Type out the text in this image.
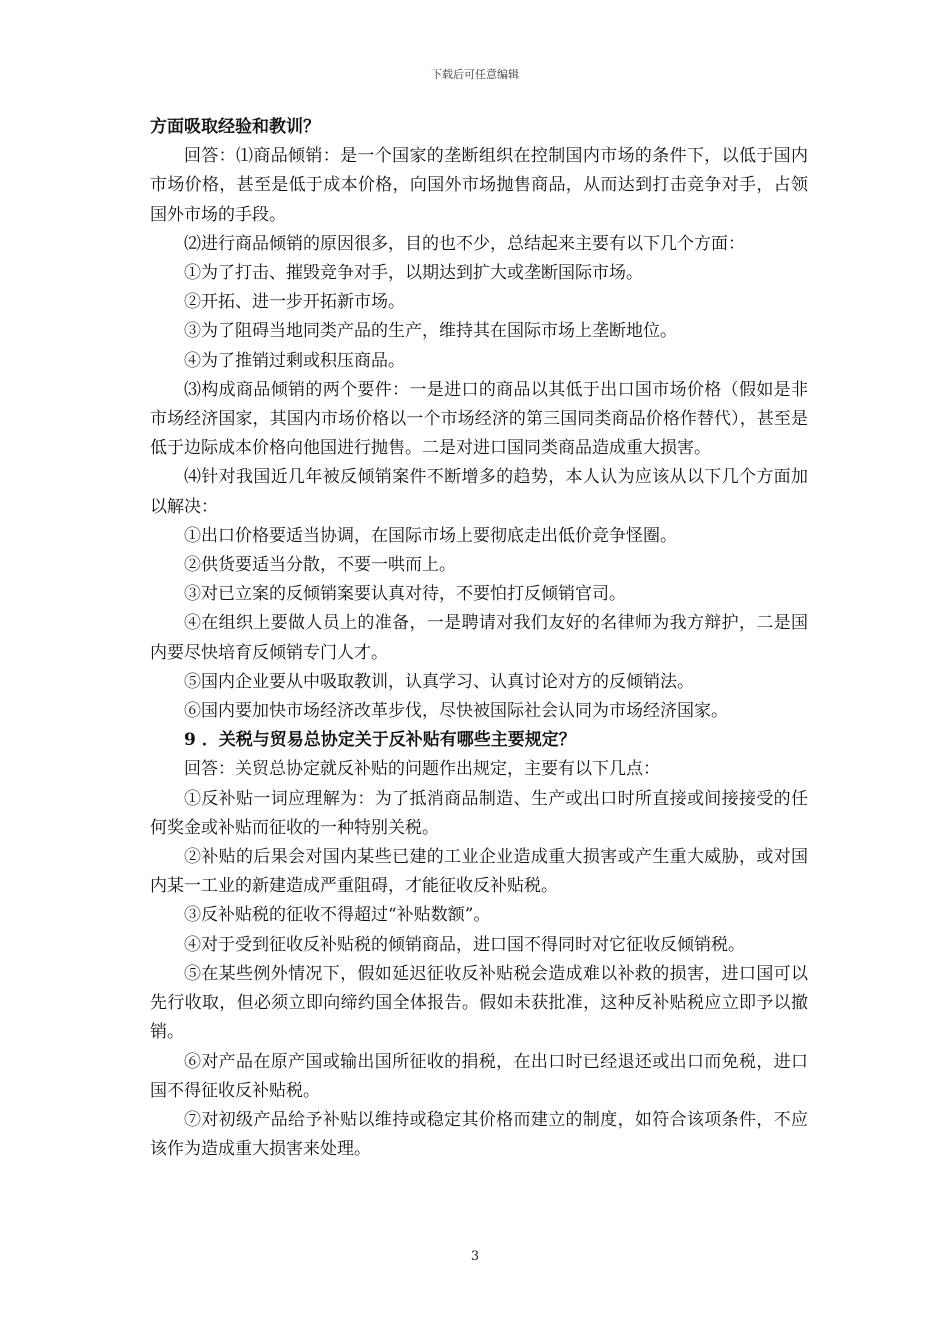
下载后可任意编辑

方面吸取经验和教训？

回答：⑴商品倾销：是一个国家的垄断组织在控制国内市场的条件下，以低于国内市场价格，甚至是低于成本价格，向国外市场抛售商品，从而达到打击竞争对手，占领国外市场的手段。

⑵进行商品倾销的原因很多，目的也不少，总结起来主要有以下几个方面：

①为了打击、摧毁竞争对手，以期达到扩大或垄断国际市场。

②开拓、进一步开拓新市场。

③为了阻碍当地同类产品的生产，维持其在国际市场上垄断地位。

④为了推销过剩或积压商品。

⑶构成商品倾销的两个要件：一是进口的商品以其低于出口国市场价格（假如是非市场经济国家，其国内市场价格以一个市场经济的第三国同类商品价格作替代），甚至是低于边际成本价格向他国进行抛售。二是对进口国同类商品造成重大损害。

⑷针对我国近几年被反倾销案件不断增多的趋势，本人认为应该从以下几个方面加以解决：

①出口价格要适当协调，在国际市场上要彻底走出低价竞争怪圈。

②供货要适当分散，不要一哄而上。

③对已立案的反倾销案要认真对待，不要怕打反倾销官司。

④在组织上要做人员上的准备，一是聘请对我们友好的名律师为我方辩护，二是国内要尽快培育反倾销专门人才。

⑤国内企业要从中吸取教训，认真学习、认真讨论对方的反倾销法。

⑥国内要加快市场经济改革步伐，尽快被国际社会认同为市场经济国家。

9 ．关税与贸易总协定关于反补贴有哪些主要规定？

回答：关贸总协定就反补贴的问题作出规定，主要有以下几点：

①反补贴一词应理解为：为了抵消商品制造、生产或出口时所直接或间接接受的任何奖金或补贴而征收的一种特别关税。

②补贴的后果会对国内某些已建的工业企业造成重大损害或产生重大威胁，或对国内某一工业的新建造成严重阻碍，才能征收反补贴税。

③反补贴税的征收不得超过“补贴数额”。

④对于受到征收反补贴税的倾销商品，进口国不得同时对它征收反倾销税。

⑤在某些例外情况下，假如延迟征收反补贴税会造成难以补救的损害，进口国可以先行收取，但必须立即向缔约国全体报告。假如未获批准，这种反补贴税应立即予以撤销。

⑥对产品在原产国或输出国所征收的捐税，在出口时已经退还或出口而免税，进口国不得征收反补贴税。

⑦对初级产品给予补贴以维持或稳定其价格而建立的制度，如符合该项条件，不应该作为造成重大损害来处理。

3
